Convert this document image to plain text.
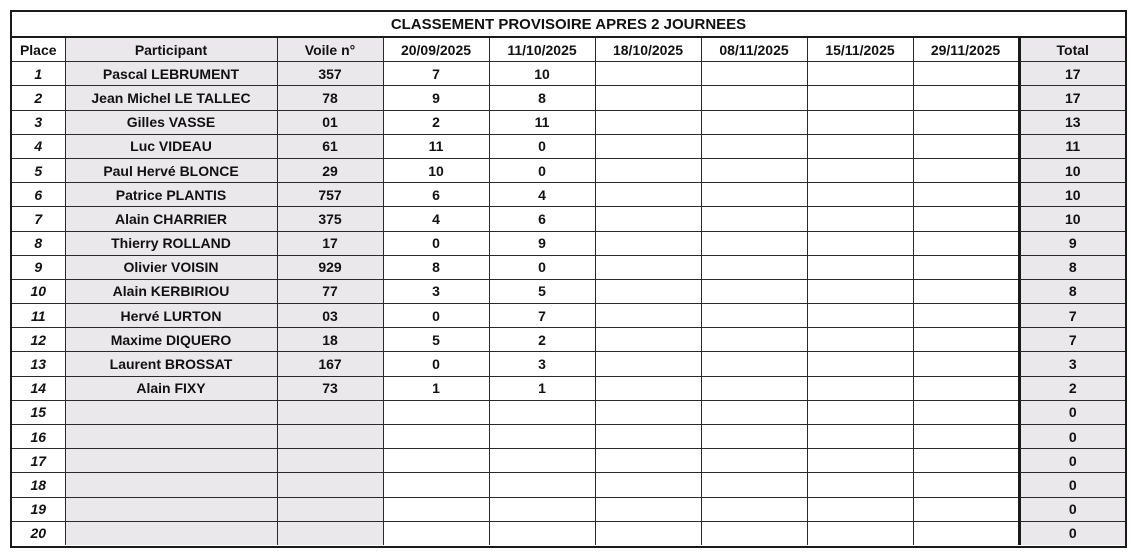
CLASSEMENT PROVISOIRE APRES 2 JOURNEES
Place	Participant	Voile n°	20/09/2025	11/10/2025	18/10/2025	08/11/2025	15/11/2025	29/11/2025	Total
1	Pascal LEBRUMENT	357	7	10					17
2	Jean Michel LE TALLEC	78	9	8					17
3	Gilles VASSE	01	2	11					13
4	Luc VIDEAU	61	11	0					11
5	Paul Hervé BLONCE	29	10	0					10
6	Patrice PLANTIS	757	6	4					10
7	Alain CHARRIER	375	4	6					10
8	Thierry ROLLAND	17	0	9					9
9	Olivier VOISIN	929	8	0					8
10	Alain KERBIRIOU	77	3	5					8
11	Hervé LURTON	03	0	7					7
12	Maxime DIQUERO	18	5	2					7
13	Laurent BROSSAT	167	0	3					3
14	Alain FIXY	73	1	1					2
15									0
16									0
17									0
18									0
19									0
20									0
